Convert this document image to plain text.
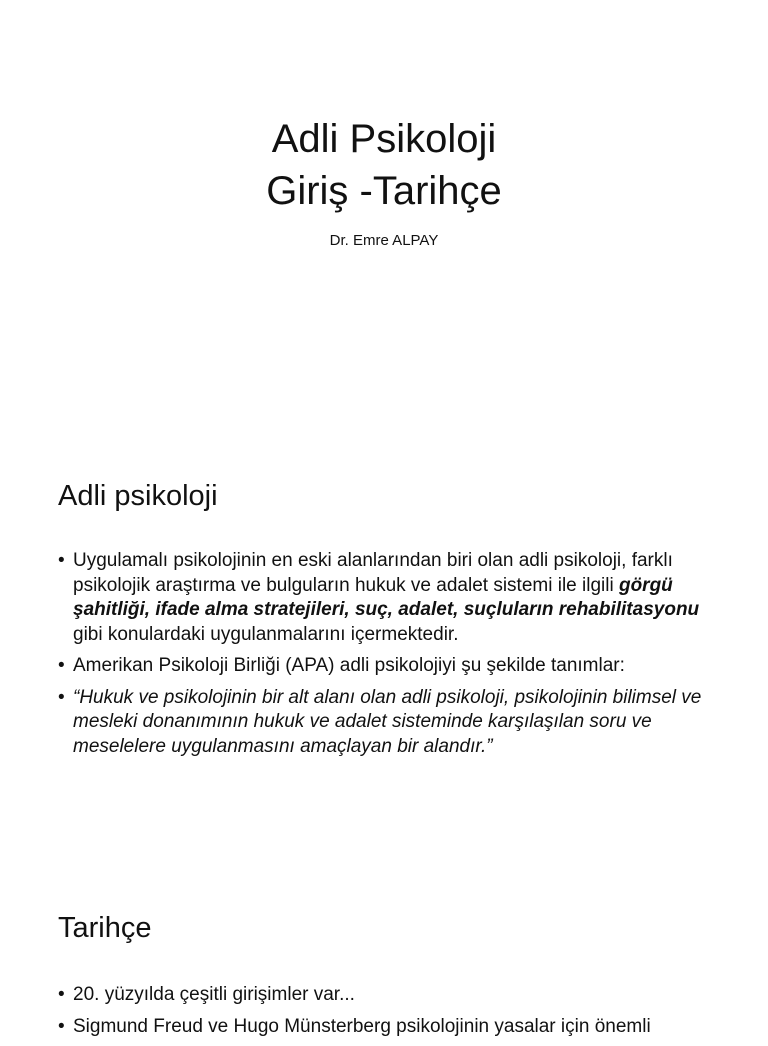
Adli Psikoloji
Giriş -Tarihçe
Dr. Emre ALPAY
Adli psikoloji
• Uygulamalı psikolojinin en eski alanlarından biri olan adli psikoloji, farklı psikolojik araştırma ve bulguların hukuk ve adalet sistemi ile ilgili görgü şahitliği, ifade alma stratejileri, suç, adalet, suçluların rehabilitasyonu gibi konulardaki uygulanmalarını içermektedir.
• Amerikan Psikoloji Birliği (APA) adli psikolojiyi şu şekilde tanımlar:
• “Hukuk ve psikolojinin bir alt alanı olan adli psikoloji, psikolojinin bilimsel ve mesleki donanımının hukuk ve adalet sisteminde karşılaşılan soru ve meselelere uygulanmasını amaçlayan bir alandır.”
Tarihçe
• 20. yüzyılda çeşitli girişimler var...
• Sigmund Freud ve Hugo Münsterberg psikolojinin yasalar için önemli
